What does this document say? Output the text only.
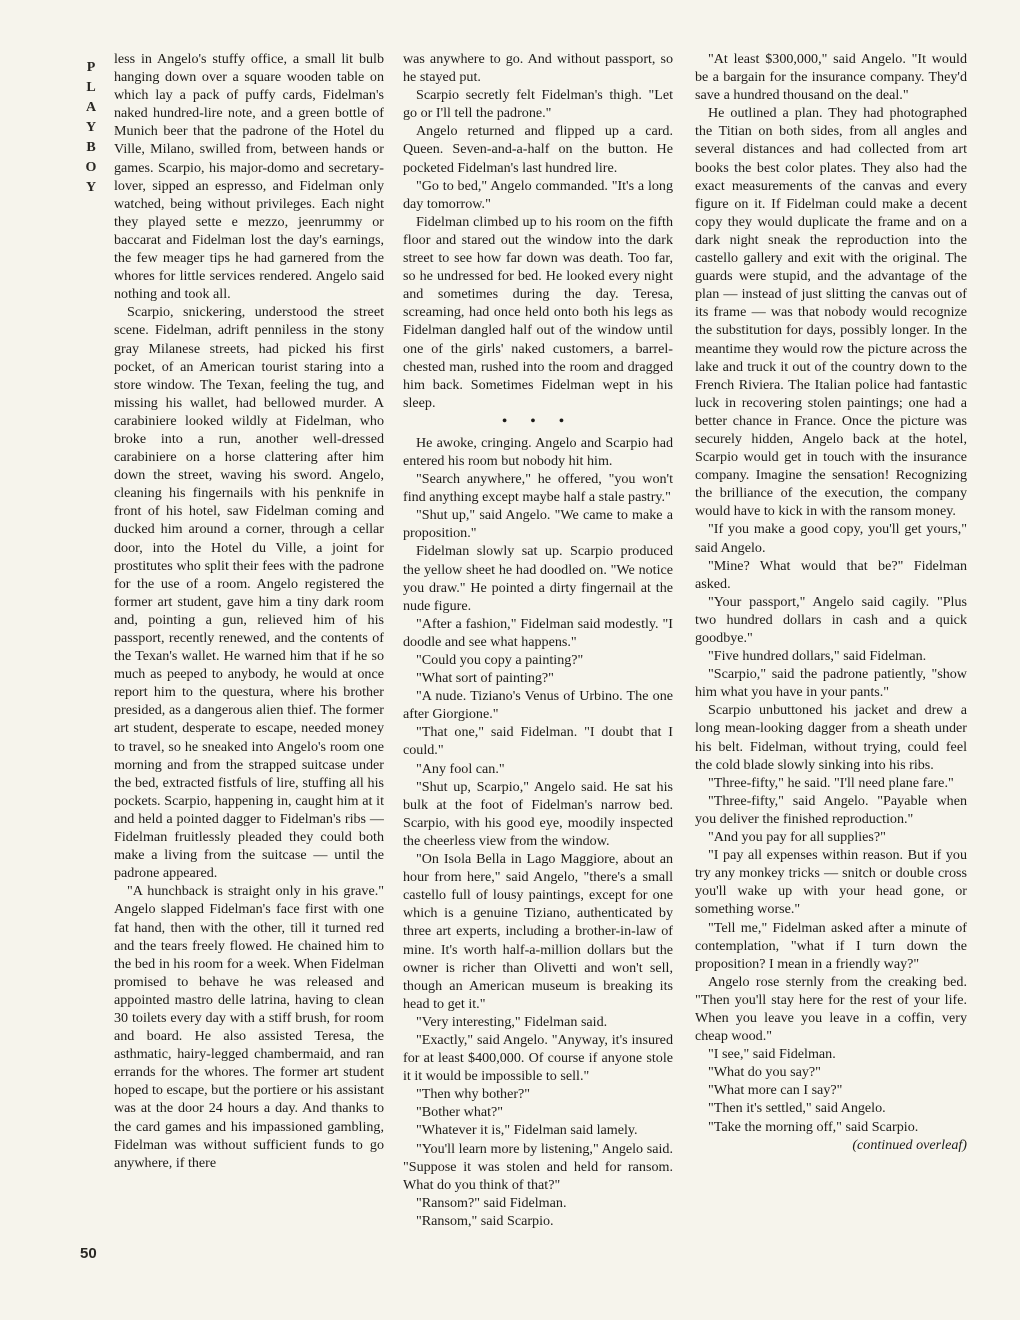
PLAYBOY

less in Angelo's stuffy office, a small lit bulb hanging down over a square wooden table on which lay a pack of puffy cards, Fidelman's naked hundred-lire note, and a green bottle of Munich beer that the padrone of the Hotel du Ville, Milano, swilled from, between hands or games. Scarpio, his major-domo and secretary-lover, sipped an espresso, and Fidelman only watched, being without privileges. Each night they played sette e mezzo, jeenrummy or baccarat and Fidelman lost the day's earnings, the few meager tips he had garnered from the whores for little services rendered. Angelo said nothing and took all.

Scarpio, snickering, understood the street scene. Fidelman, adrift penniless in the stony gray Milanese streets, had picked his first pocket, of an American tourist staring into a store window. The Texan, feeling the tug, and missing his wallet, had bellowed murder. A carabiniere looked wildly at Fidelman, who broke into a run, another well-dressed carabiniere on a horse clattering after him down the street, waving his sword. Angelo, cleaning his fingernails with his penknife in front of his hotel, saw Fidelman coming and ducked him around a corner, through a cellar door, into the Hotel du Ville, a joint for prostitutes who split their fees with the padrone for the use of a room. Angelo registered the former art student, gave him a tiny dark room and, pointing a gun, relieved him of his passport, recently renewed, and the contents of the Texan's wallet. He warned him that if he so much as peeped to anybody, he would at once report him to the questura, where his brother presided, as a dangerous alien thief. The former art student, desperate to escape, needed money to travel, so he sneaked into Angelo's room one morning and from the strapped suitcase under the bed, extracted fistfuls of lire, stuffing all his pockets. Scarpio, happening in, caught him at it and held a pointed dagger to Fidelman's ribs — Fidelman fruitlessly pleaded they could both make a living from the suitcase — until the padrone appeared.

"A hunchback is straight only in his grave." Angelo slapped Fidelman's face first with one fat hand, then with the other, till it turned red and the tears freely flowed. He chained him to the bed in his room for a week. When Fidelman promised to behave he was released and appointed mastro delle latrina, having to clean 30 toilets every day with a stiff brush, for room and board. He also assisted Teresa, the asthmatic, hairy-legged chambermaid, and ran errands for the whores. The former art student hoped to escape, but the portiere or his assistant was at the door 24 hours a day. And thanks to the card games and his impassioned gambling, Fidelman was without sufficient funds to go anywhere, if there

was anywhere to go. And without passport, so he stayed put.

Scarpio secretly felt Fidelman's thigh. "Let go or I'll tell the padrone."

Angelo returned and flipped up a card. Queen. Seven-and-a-half on the button. He pocketed Fidelman's last hundred lire.

"Go to bed," Angelo commanded. "It's a long day tomorrow."

Fidelman climbed up to his room on the fifth floor and stared out the window into the dark street to see how far down was death. Too far, so he undressed for bed. He looked every night and sometimes during the day. Teresa, screaming, had once held onto both his legs as Fidelman dangled half out of the window until one of the girls' naked customers, a barrel-chested man, rushed into the room and dragged him back. Sometimes Fidelman wept in his sleep.

• • •

He awoke, cringing. Angelo and Scarpio had entered his room but nobody hit him.

"Search anywhere," he offered, "you won't find anything except maybe half a stale pastry."

"Shut up," said Angelo. "We came to make a proposition."

Fidelman slowly sat up. Scarpio produced the yellow sheet he had doodled on. "We notice you draw." He pointed a dirty fingernail at the nude figure.

"After a fashion," Fidelman said modestly. "I doodle and see what happens."

"Could you copy a painting?"

"What sort of painting?"

"A nude. Tiziano's Venus of Urbino. The one after Giorgione."

"That one," said Fidelman. "I doubt that I could."

"Any fool can."

"Shut up, Scarpio," Angelo said. He sat his bulk at the foot of Fidelman's narrow bed. Scarpio, with his good eye, moodily inspected the cheerless view from the window.

"On Isola Bella in Lago Maggiore, about an hour from here," said Angelo, "there's a small castello full of lousy paintings, except for one which is a genuine Tiziano, authenticated by three art experts, including a brother-in-law of mine. It's worth half-a-million dollars but the owner is richer than Olivetti and won't sell, though an American museum is breaking its head to get it."

"Very interesting," Fidelman said.

"Exactly," said Angelo. "Anyway, it's insured for at least $400,000. Of course if anyone stole it it would be impossible to sell."

"Then why bother?"

"Bother what?"

"Whatever it is," Fidelman said lamely.

"You'll learn more by listening," Angelo said. "Suppose it was stolen and held for ransom. What do you think of that?"

"Ransom?" said Fidelman.

"Ransom," said Scarpio.

"At least $300,000," said Angelo. "It would be a bargain for the insurance company. They'd save a hundred thousand on the deal."

He outlined a plan. They had photographed the Titian on both sides, from all angles and several distances and had collected from art books the best color plates. They also had the exact measurements of the canvas and every figure on it. If Fidelman could make a decent copy they would duplicate the frame and on a dark night sneak the reproduction into the castello gallery and exit with the original. The guards were stupid, and the advantage of the plan — instead of just slitting the canvas out of its frame — was that nobody would recognize the substitution for days, possibly longer. In the meantime they would row the picture across the lake and truck it out of the country down to the French Riviera. The Italian police had fantastic luck in recovering stolen paintings; one had a better chance in France. Once the picture was securely hidden, Angelo back at the hotel, Scarpio would get in touch with the insurance company. Imagine the sensation! Recognizing the brilliance of the execution, the company would have to kick in with the ransom money.

"If you make a good copy, you'll get yours," said Angelo.

"Mine? What would that be?" Fidelman asked.

"Your passport," Angelo said cagily. "Plus two hundred dollars in cash and a quick goodbye."

"Five hundred dollars," said Fidelman.

"Scarpio," said the padrone patiently, "show him what you have in your pants."

Scarpio unbuttoned his jacket and drew a long mean-looking dagger from a sheath under his belt. Fidelman, without trying, could feel the cold blade slowly sinking into his ribs.

"Three-fifty," he said. "I'll need plane fare."

"Three-fifty," said Angelo. "Payable when you deliver the finished reproduction."

"And you pay for all supplies?"

"I pay all expenses within reason. But if you try any monkey tricks — snitch or double cross you'll wake up with your head gone, or something worse."

"Tell me," Fidelman asked after a minute of contemplation, "what if I turn down the proposition? I mean in a friendly way?"

Angelo rose sternly from the creaking bed. "Then you'll stay here for the rest of your life. When you leave you leave in a coffin, very cheap wood."

"I see," said Fidelman.

"What do you say?"

"What more can I say?"

"Then it's settled," said Angelo.

"Take the morning off," said Scarpio.

(continued overleaf)

50
